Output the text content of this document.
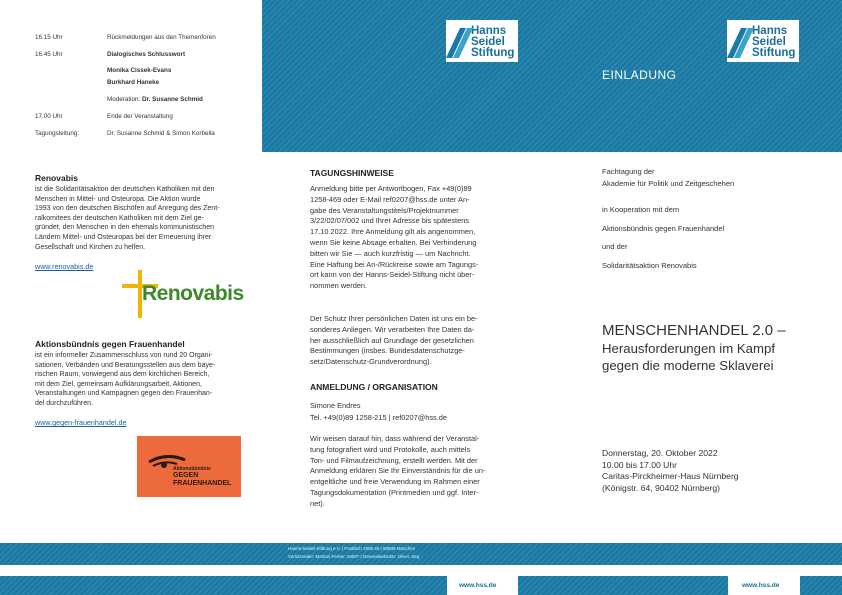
Hanns
Seidel
Stiftung
Hanns
Seidel
Stiftung
EINLADUNG
16.15 Uhr	Rückmeldungen aus den Themenforen
16.45 Uhr	Dialogisches Schlusswort
Monika Cissek-Evans
Burkhard Haneke
Moderation: Dr. Susanne Schmid
17.00 Uhr	Ende der Veranstaltung
Tagungsleitung:	Dr. Susanne Schmid & Simon Korbella
Renovabis
ist die Solidaritätsaktion der deutschen Katholiken mit den
Menschen in Mittel- und Osteuropa. Die Aktion wurde
1993 von den deutschen Bischöfen auf Anregung des Zent-
ralkomitees der deutschen Katholiken mit dem Ziel ge-
gründet, den Menschen in den ehemals kommunistischen
Ländern Mittel- und Osteuropas bei der Erneuerung ihrer
Gesellschaft und Kirchen zu helfen.
www.renovabis.de
Renovabis
Aktionsbündnis gegen Frauenhandel
ist ein informeller Zusammenschluss von rund 20 Organi-
sationen, Verbänden und Beratungsstellen aus dem baye-
rischen Raum, vorwiegend aus dem kirchlichen Bereich,
mit dem Ziel, gemeinsam Aufklärungsarbeit, Aktionen,
Veranstaltungen und Kampagnen gegen den Frauenhan-
del durchzuführen.
www.gegen-frauenhandel.de
Aktionsbündnis
GEGEN
FRAUENHANDEL
TAGUNGSHINWEISE
Anmeldung bitte per Antwortbogen, Fax +49(0)89
1258-469 oder E-Mail ref0207@hss.de unter An-
gabe des Veranstaltungstitels/Projektnummer
3/22/02/07/002 und Ihrer Adresse bis spätestens
17.10.2022. Ihre Anmeldung gilt als angenommen,
wenn Sie keine Absage erhalten. Bei Verhinderung
bitten wir Sie — auch kurzfristig — um Nachricht.
Eine Haftung bei An-/Rückreise sowie am Tagungs-
ort kann von der Hanns-Seidel-Stiftung nicht über-
nommen werden.
Der Schutz Ihrer persönlichen Daten ist uns ein be-
sonderes Anliegen. Wir verarbeiten Ihre Daten da-
her ausschließlich auf Grundlage der gesetzlichen
Bestimmungen (insbes. Bundesdatenschutzge-
setz/Datenschutz-Grundverordnung).
ANMELDUNG / ORGANISATION
Simone Endres
Tel. +49(0)89 1258-215 | ref0207@hss.de
Wir weisen darauf hin, dass während der Veranstal-
tung fotografiert wird und Protokolle, auch mittels
Ton- und Filmaufzeichnung, erstellt werden. Mit der
Anmeldung erklären Sie Ihr Einverständnis für die un-
entgeltliche und freie Verwendung im Rahmen einer
Tagungsdokumentation (Printmedien und ggf. Inter-
net).
Fachtagung der
Akademie für Politik und Zeitgeschehen
in Kooperation mit dem
Aktionsbündnis gegen Frauenhandel
und der
Solidaritätsaktion Renovabis
MENSCHENHANDEL 2.0 –
Herausforderungen im Kampf
gegen die moderne Sklaverei
Donnerstag, 20. Oktober 2022
10.00 bis 17.00 Uhr
Caritas-Pirckheimer-Haus Nürnberg
(Königstr. 64, 90402 Nürnberg)
Hanns-Seidel-Stiftung e.V. | Postfach 1908 46 | 80608 München
Vorsitzender: Markus Ferber, MdEP | Generalsekretär: Oliver Jörg
www.hss.de	www.hss.de
